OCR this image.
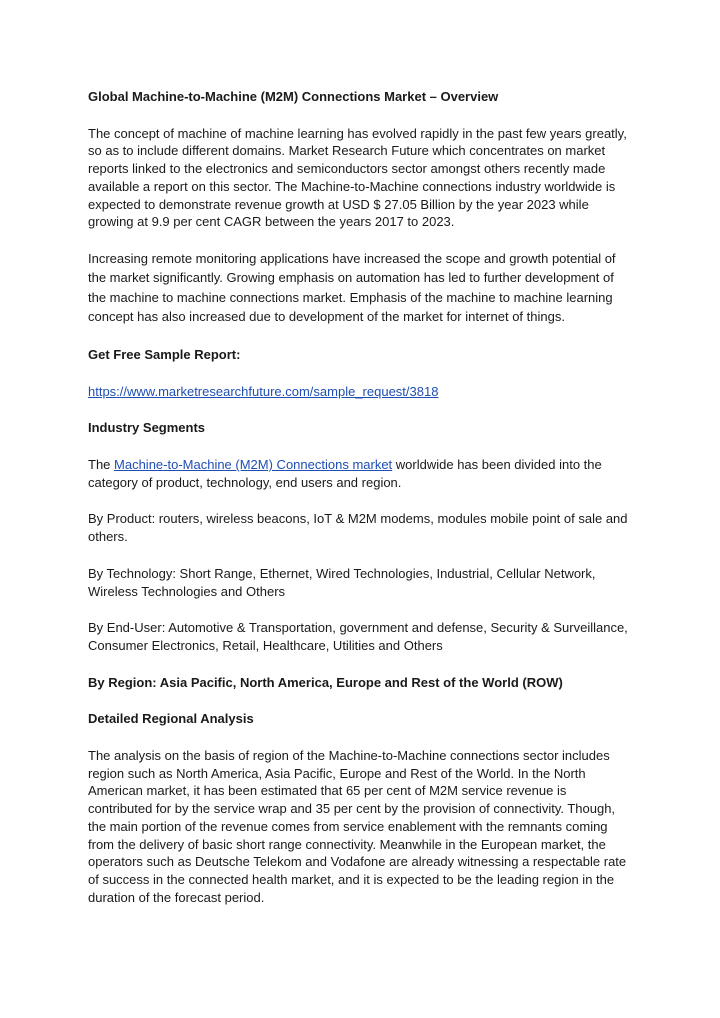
Global Machine-to-Machine (M2M) Connections Market – Overview

The concept of machine of machine learning has evolved rapidly in the past few years greatly, so as to include different domains. Market Research Future which concentrates on market reports linked to the electronics and semiconductors sector amongst others recently made available a report on this sector. The Machine-to-Machine connections industry worldwide is expected to demonstrate revenue growth at USD $ 27.05 Billion by the year 2023 while growing at 9.9 per cent CAGR between the years 2017 to 2023.

Increasing remote monitoring applications have increased the scope and growth potential of the market significantly. Growing emphasis on automation has led to further development of the machine to machine connections market. Emphasis of the machine to machine learning concept has also increased due to development of the market for internet of things.

Get Free Sample Report:

https://www.marketresearchfuture.com/sample_request/3818

Industry Segments

The Machine-to-Machine (M2M) Connections market worldwide has been divided into the category of product, technology, end users and region.

By Product: routers, wireless beacons, IoT & M2M modems, modules mobile point of sale and others.

By Technology: Short Range, Ethernet, Wired Technologies, Industrial, Cellular Network, Wireless Technologies and Others

By End-User: Automotive & Transportation, government and defense, Security & Surveillance, Consumer Electronics, Retail, Healthcare, Utilities and Others

By Region: Asia Pacific, North America, Europe and Rest of the World (ROW)

Detailed Regional Analysis

The analysis on the basis of region of the Machine-to-Machine connections sector includes region such as North America, Asia Pacific, Europe and Rest of the World. In the North American market, it has been estimated that 65 per cent of M2M service revenue is contributed for by the service wrap and 35 per cent by the provision of connectivity. Though, the main portion of the revenue comes from service enablement with the remnants coming from the delivery of basic short range connectivity. Meanwhile in the European market, the operators such as Deutsche Telekom and Vodafone are already witnessing a respectable rate of success in the connected health market, and it is expected to be the leading region in the duration of the forecast period.
